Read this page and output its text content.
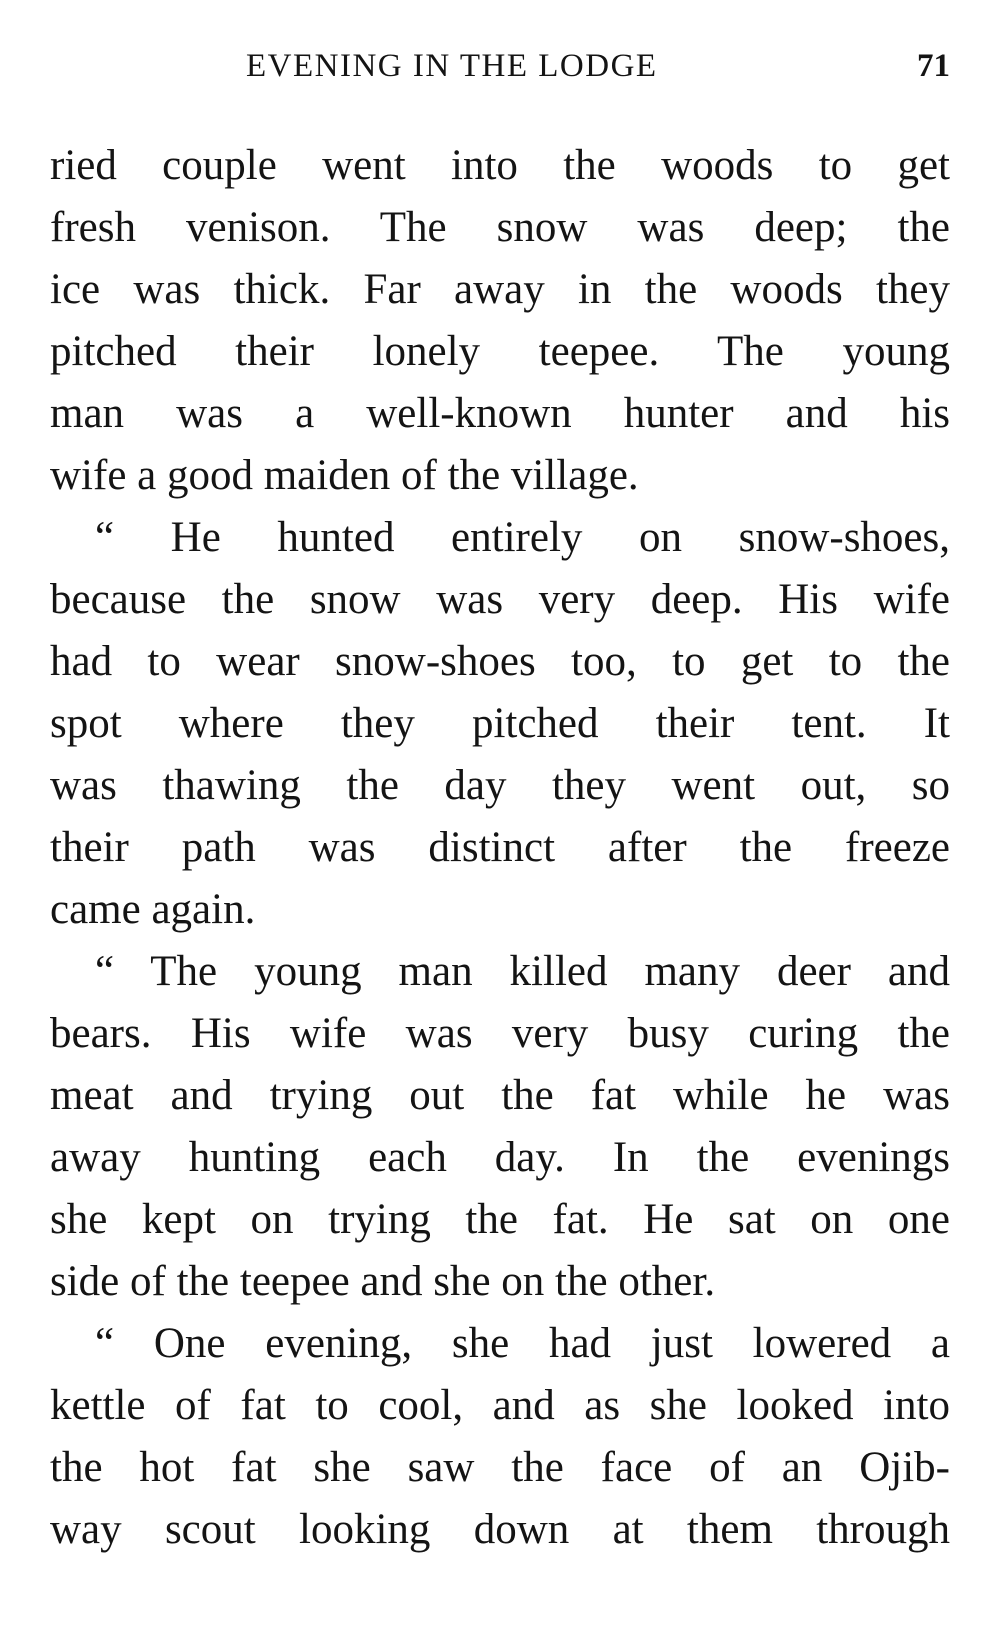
EVENING IN THE LODGE	71
ried couple went into the woods to get
fresh venison. The snow was deep; the
ice was thick. Far away in the woods they
pitched their lonely teepee. The young
man was a well-known hunter and his
wife a good maiden of the village.
“ He hunted entirely on snow-shoes,
because the snow was very deep. His wife
had to wear snow-shoes too, to get to the
spot where they pitched their tent. It
was thawing the day they went out, so
their path was distinct after the freeze
came again.
“ The young man killed many deer and
bears. His wife was very busy curing the
meat and trying out the fat while he was
away hunting each day. In the evenings
she kept on trying the fat. He sat on one
side of the teepee and she on the other.
“ One evening, she had just lowered a
kettle of fat to cool, and as she looked into
the hot fat she saw the face of an Ojib-
way scout looking down at them through
